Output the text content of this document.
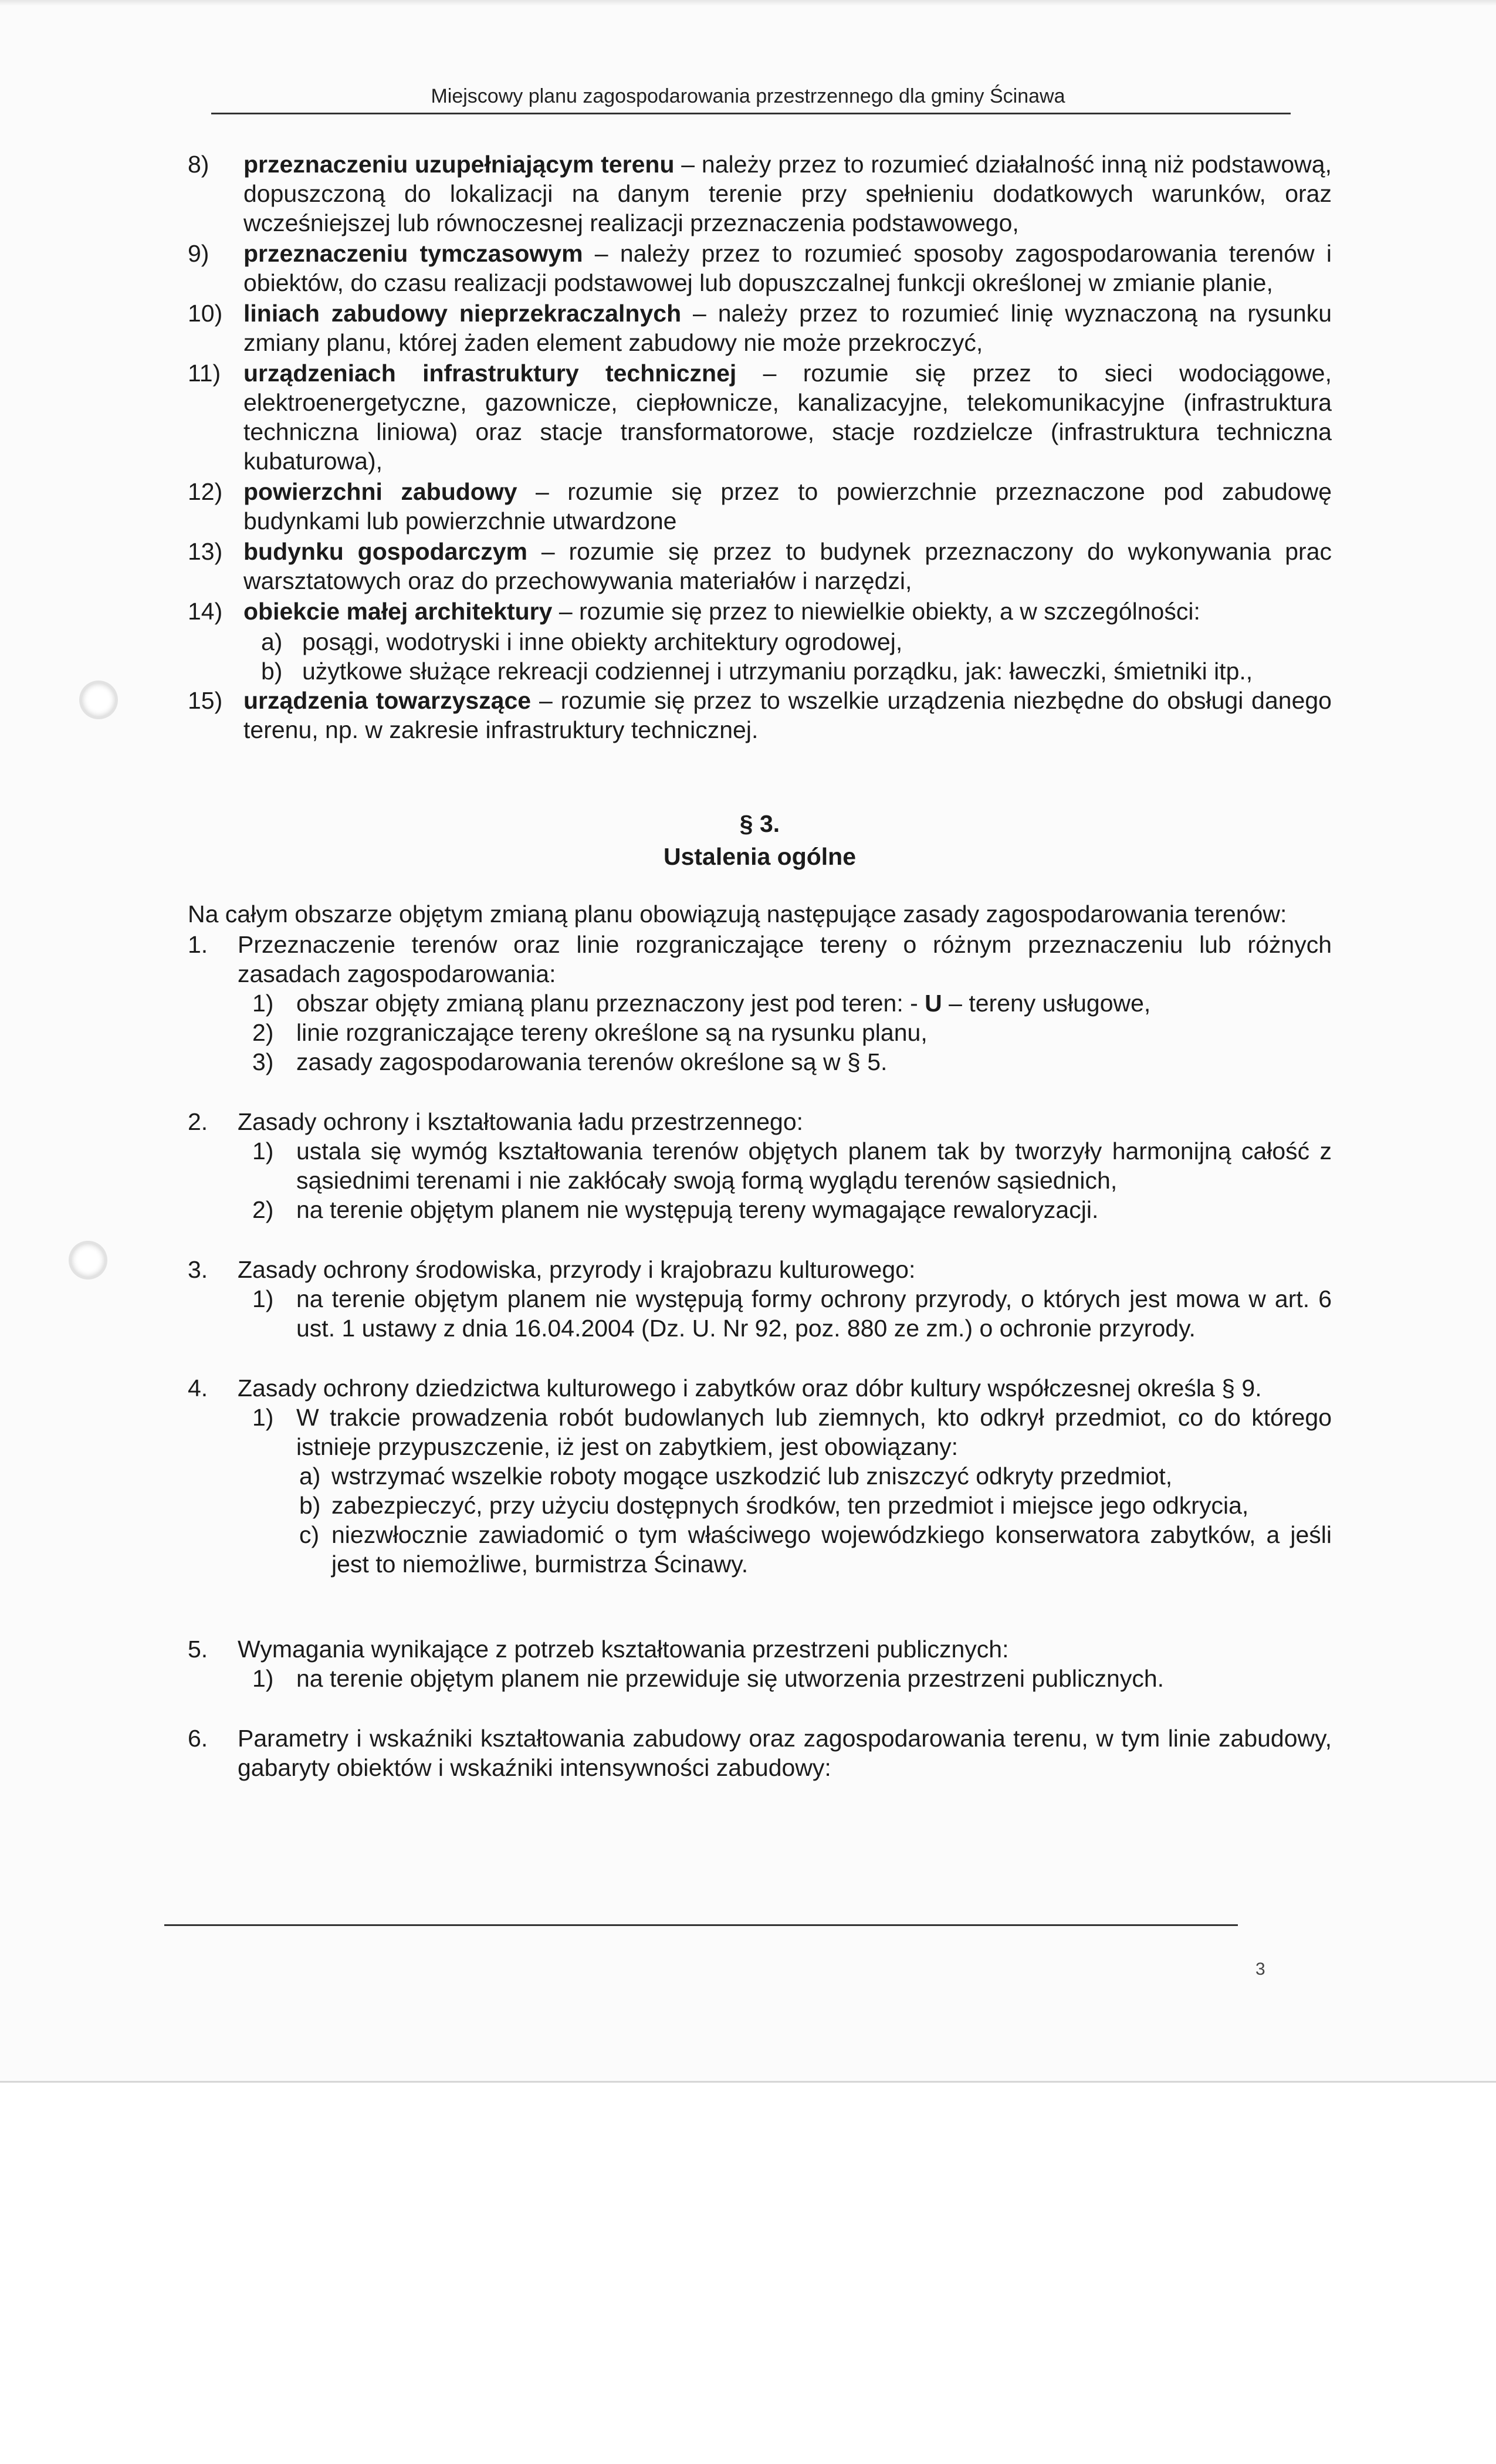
Miejscowy planu zagospodarowania przestrzennego dla gminy Ścinawa
8)	przeznaczeniu uzupełniającym terenu – należy przez to rozumieć działalność inną niż podstawową, dopuszczoną do lokalizacji na danym terenie przy spełnieniu dodatkowych warunków, oraz wcześniejszej lub równoczesnej realizacji przeznaczenia podstawowego,
9)	przeznaczeniu tymczasowym – należy przez to rozumieć sposoby zagospodarowania terenów i obiektów, do czasu realizacji podstawowej lub dopuszczalnej funkcji określonej w zmianie planie,
10) liniach zabudowy nieprzekraczalnych – należy przez to rozumieć linię wyznaczoną na rysunku zmiany planu, której żaden element zabudowy nie może przekroczyć,
11) urządzeniach infrastruktury technicznej – rozumie się przez to sieci wodociągowe, elektroenergetyczne, gazownicze, ciepłownicze, kanalizacyjne, telekomunikacyjne (infrastruktura techniczna liniowa) oraz stacje transformatorowe, stacje rozdzielcze (infrastruktura techniczna kubaturowa),
12) powierzchni zabudowy – rozumie się przez to powierzchnie przeznaczone pod zabudowę budynkami lub powierzchnie utwardzone
13) budynku gospodarczym – rozumie się przez to budynek przeznaczony do wykonywania prac warsztatowych oraz do przechowywania materiałów i narzędzi,
14) obiekcie małej architektury – rozumie się przez to niewielkie obiekty, a w szczególności:
a) posągi, wodotryski i inne obiekty architektury ogrodowej,
b) użytkowe służące rekreacji codziennej i utrzymaniu porządku, jak: ławeczki, śmietniki itp.,
15) urządzenia towarzyszące – rozumie się przez to wszelkie urządzenia niezbędne do obsługi danego terenu, np. w zakresie infrastruktury technicznej.
§ 3.
Ustalenia ogólne
Na całym obszarze objętym zmianą planu obowiązują następujące zasady zagospodarowania terenów:
1.	Przeznaczenie terenów oraz linie rozgraniczające tereny o różnym przeznaczeniu lub różnych zasadach zagospodarowania:
1) obszar objęty zmianą planu przeznaczony jest pod teren: - U – tereny usługowe,
2) linie rozgraniczające tereny określone są na rysunku planu,
3) zasady zagospodarowania terenów określone są w § 5.
2.	Zasady ochrony i kształtowania ładu przestrzennego:
1) ustala się wymóg kształtowania terenów objętych planem tak by tworzyły harmonijną całość z sąsiednimi terenami i nie zakłócały swoją formą wyglądu terenów sąsiednich,
2) na terenie objętym planem nie występują tereny wymagające rewaloryzacji.
3.	Zasady ochrony środowiska, przyrody i krajobrazu kulturowego:
1) na terenie objętym planem nie występują formy ochrony przyrody, o których jest mowa w art. 6 ust. 1 ustawy z dnia 16.04.2004 (Dz. U. Nr 92, poz. 880 ze zm.) o ochronie przyrody.
4.	Zasady ochrony dziedzictwa kulturowego i zabytków oraz dóbr kultury współczesnej określa § 9.
1) W trakcie prowadzenia robót budowlanych lub ziemnych, kto odkrył przedmiot, co do którego istnieje przypuszczenie, iż jest on zabytkiem, jest obowiązany:
a) wstrzymać wszelkie roboty mogące uszkodzić lub zniszczyć odkryty przedmiot,
b) zabezpieczyć, przy użyciu dostępnych środków, ten przedmiot i miejsce jego odkrycia,
c) niezwłocznie zawiadomić o tym właściwego wojewódzkiego konserwatora zabytków, a jeśli jest to niemożliwe, burmistrza Ścinawy.
5.	Wymagania wynikające z potrzeb kształtowania przestrzeni publicznych:
1) na terenie objętym planem nie przewiduje się utworzenia przestrzeni publicznych.
6.	Parametry i wskaźniki kształtowania zabudowy oraz zagospodarowania terenu, w tym linie zabudowy, gabaryty obiektów i wskaźniki intensywności zabudowy:
3
